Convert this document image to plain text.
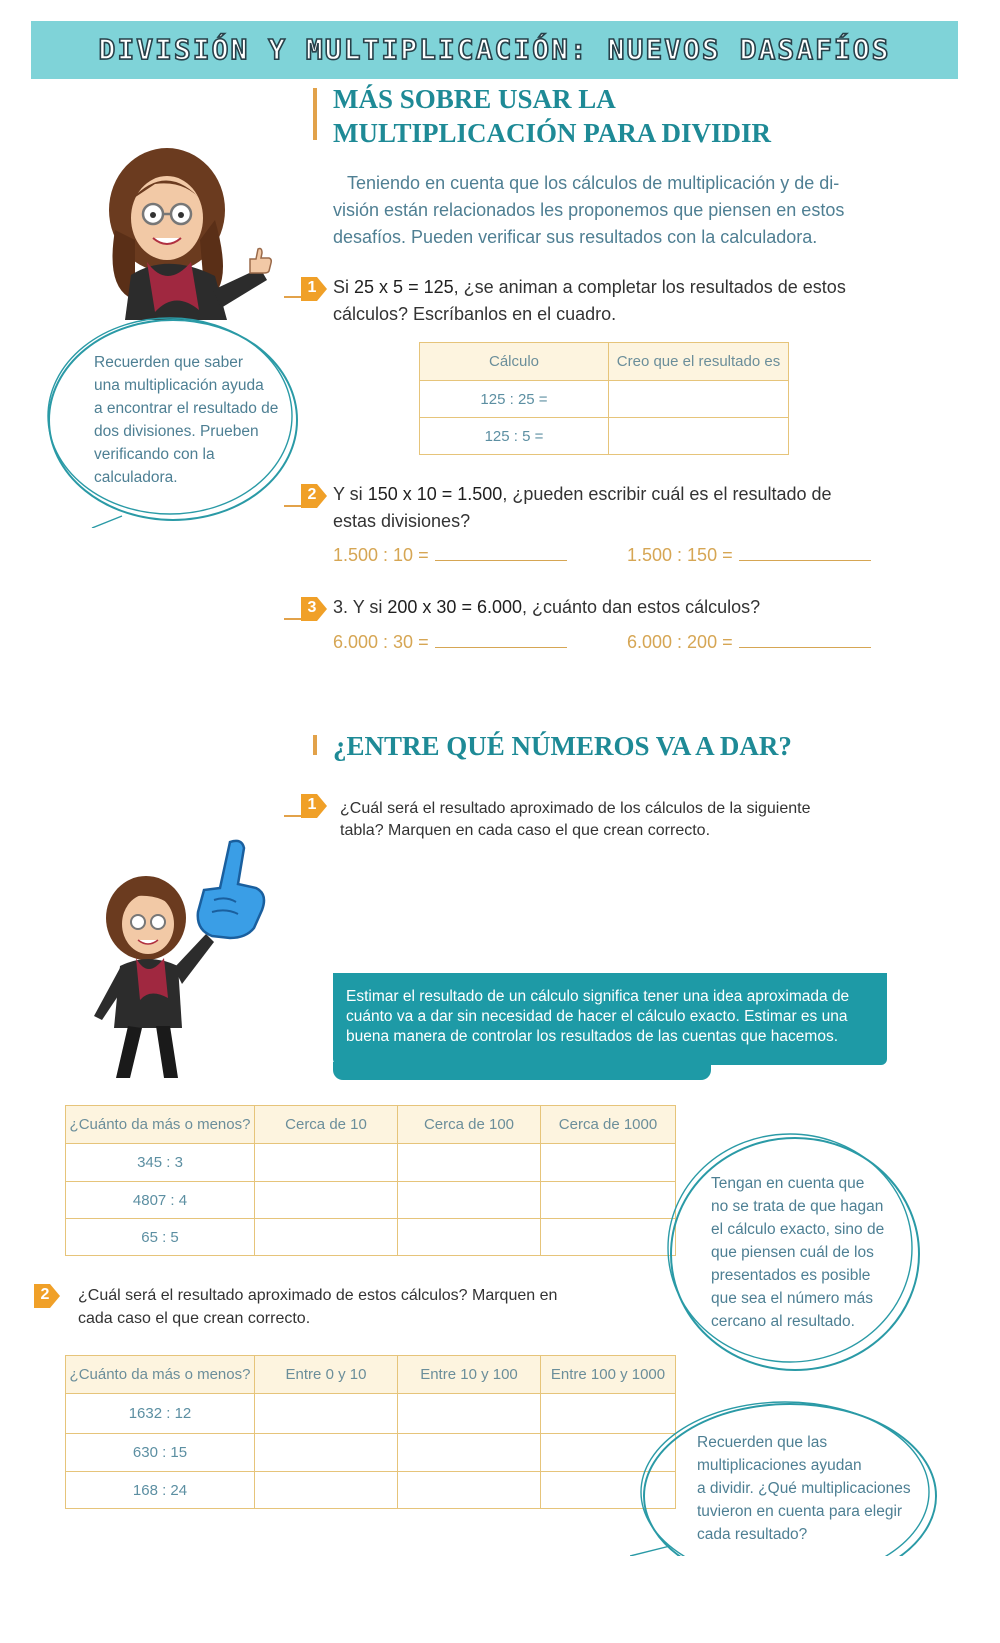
DIVISIÓN Y MULTIPLICACIÓN: NUEVOS DASAFÍOS
MÁS SOBRE USAR LA
MULTIPLICACIÓN PARA DIVIDIR
Teniendo en cuenta que los cálculos de multiplicación y de di-
visión están relacionados les proponemos que piensen en estos
desafíos. Pueden verificar sus resultados con la calculadora.
Recuerden que saber
una multiplicación ayuda
a encontrar el resultado de
dos divisiones. Prueben
verificando con la
calculadora.
1 Si 25 x 5 = 125, ¿se animan a completar los resultados de estos
cálculos? Escríbanlos en el cuadro.
Cálculo	Creo que el resultado es
125 : 25 =	
125 : 5 =	
2 Y si 150 x 10 = 1.500, ¿pueden escribir cuál es el resultado de
estas divisiones?
1.500 : 10 =	1.500 : 150 =
3 3. Y si 200 x 30 = 6.000, ¿cuánto dan estos cálculos?
6.000 : 30 =	6.000 : 200 =
¿ENTRE QUÉ NÚMEROS VA A DAR?
1	¿Cuál será el resultado aproximado de los cálculos de la siguiente
tabla? Marquen en cada caso el que crean correcto.
Estimar el resultado de un cálculo significa tener una idea aproximada de
cuánto va a dar sin necesidad de hacer el cálculo exacto. Estimar es una
buena manera de controlar los resultados de las cuentas que hacemos.
¿Cuánto da más o menos?	Cerca de 10	Cerca de 100	Cerca de 1000
345 : 3			
4807 : 4			
65 : 5			
Tengan en cuenta que
no se trata de que hagan
el cálculo exacto, sino de
que piensen cuál de los
presentados es posible
que sea el número más
cercano al resultado.
2	¿Cuál será el resultado aproximado de estos cálculos? Marquen en
cada caso el que crean correcto.
¿Cuánto da más o menos?	Entre 0 y 10	Entre 10 y 100	Entre 100 y 1000
1632 : 12			
630 : 15			
168 : 24			
Recuerden que las
multiplicaciones ayudan
a dividir. ¿Qué multiplicaciones
tuvieron en cuenta para elegir
cada resultado?
